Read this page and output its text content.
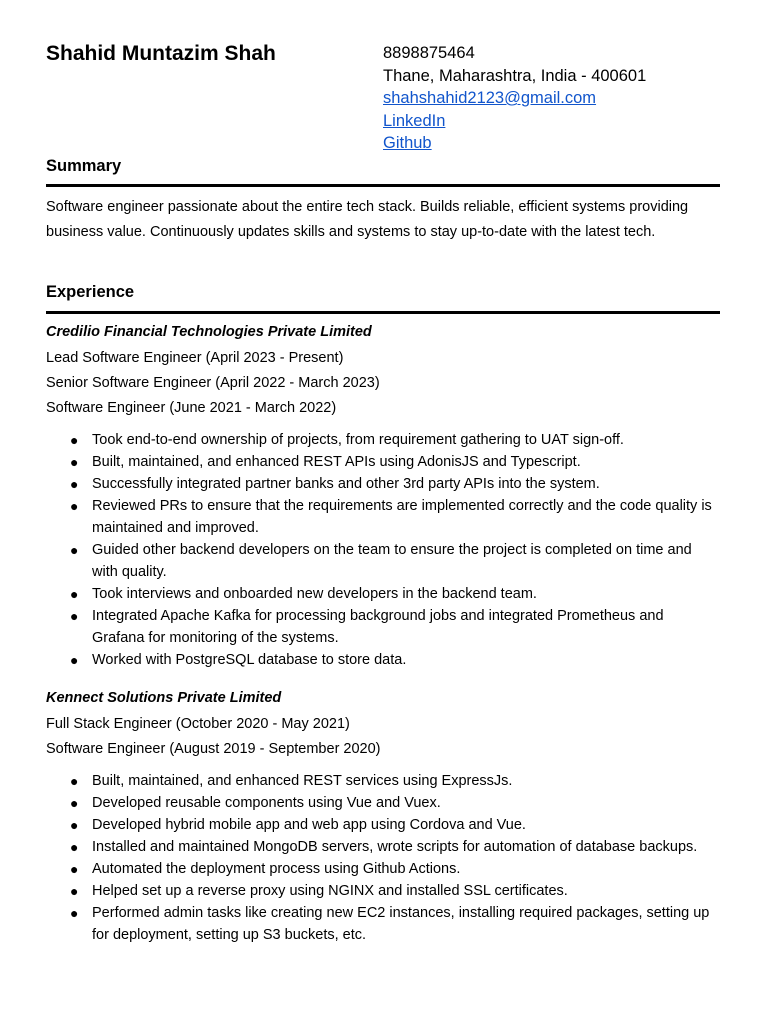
Shahid Muntazim Shah	8898875464
Thane, Maharashtra, India - 400601
shahshahid2123@gmail.com
LinkedIn
Github
Summary
Software engineer passionate about the entire tech stack. Builds reliable, efficient systems providing business value. Continuously updates skills and systems to stay up-to-date with the latest tech.
Experience
Credilio Financial Technologies Private Limited
Lead Software Engineer (April 2023 - Present)
Senior Software Engineer (April 2022 - March 2023)
Software Engineer (June 2021 - March 2022)
● Took end-to-end ownership of projects, from requirement gathering to UAT sign-off.
● Built, maintained, and enhanced REST APIs using AdonisJS and Typescript.
● Successfully integrated partner banks and other 3rd party APIs into the system.
● Reviewed PRs to ensure that the requirements are implemented correctly and the code quality is maintained and improved.
● Guided other backend developers on the team to ensure the project is completed on time and with quality.
● Took interviews and onboarded new developers in the backend team.
● Integrated Apache Kafka for processing background jobs and integrated Prometheus and Grafana for monitoring of the systems.
● Worked with PostgreSQL database to store data.
Kennect Solutions Private Limited
Full Stack Engineer (October 2020 - May 2021)
Software Engineer (August 2019 - September 2020)
● Built, maintained, and enhanced REST services using ExpressJs.
● Developed reusable components using Vue and Vuex.
● Developed hybrid mobile app and web app using Cordova and Vue.
● Installed and maintained MongoDB servers, wrote scripts for automation of database backups.
● Automated the deployment process using Github Actions.
● Helped set up a reverse proxy using NGINX and installed SSL certificates.
● Performed admin tasks like creating new EC2 instances, installing required packages, setting up for deployment, setting up S3 buckets, etc.
